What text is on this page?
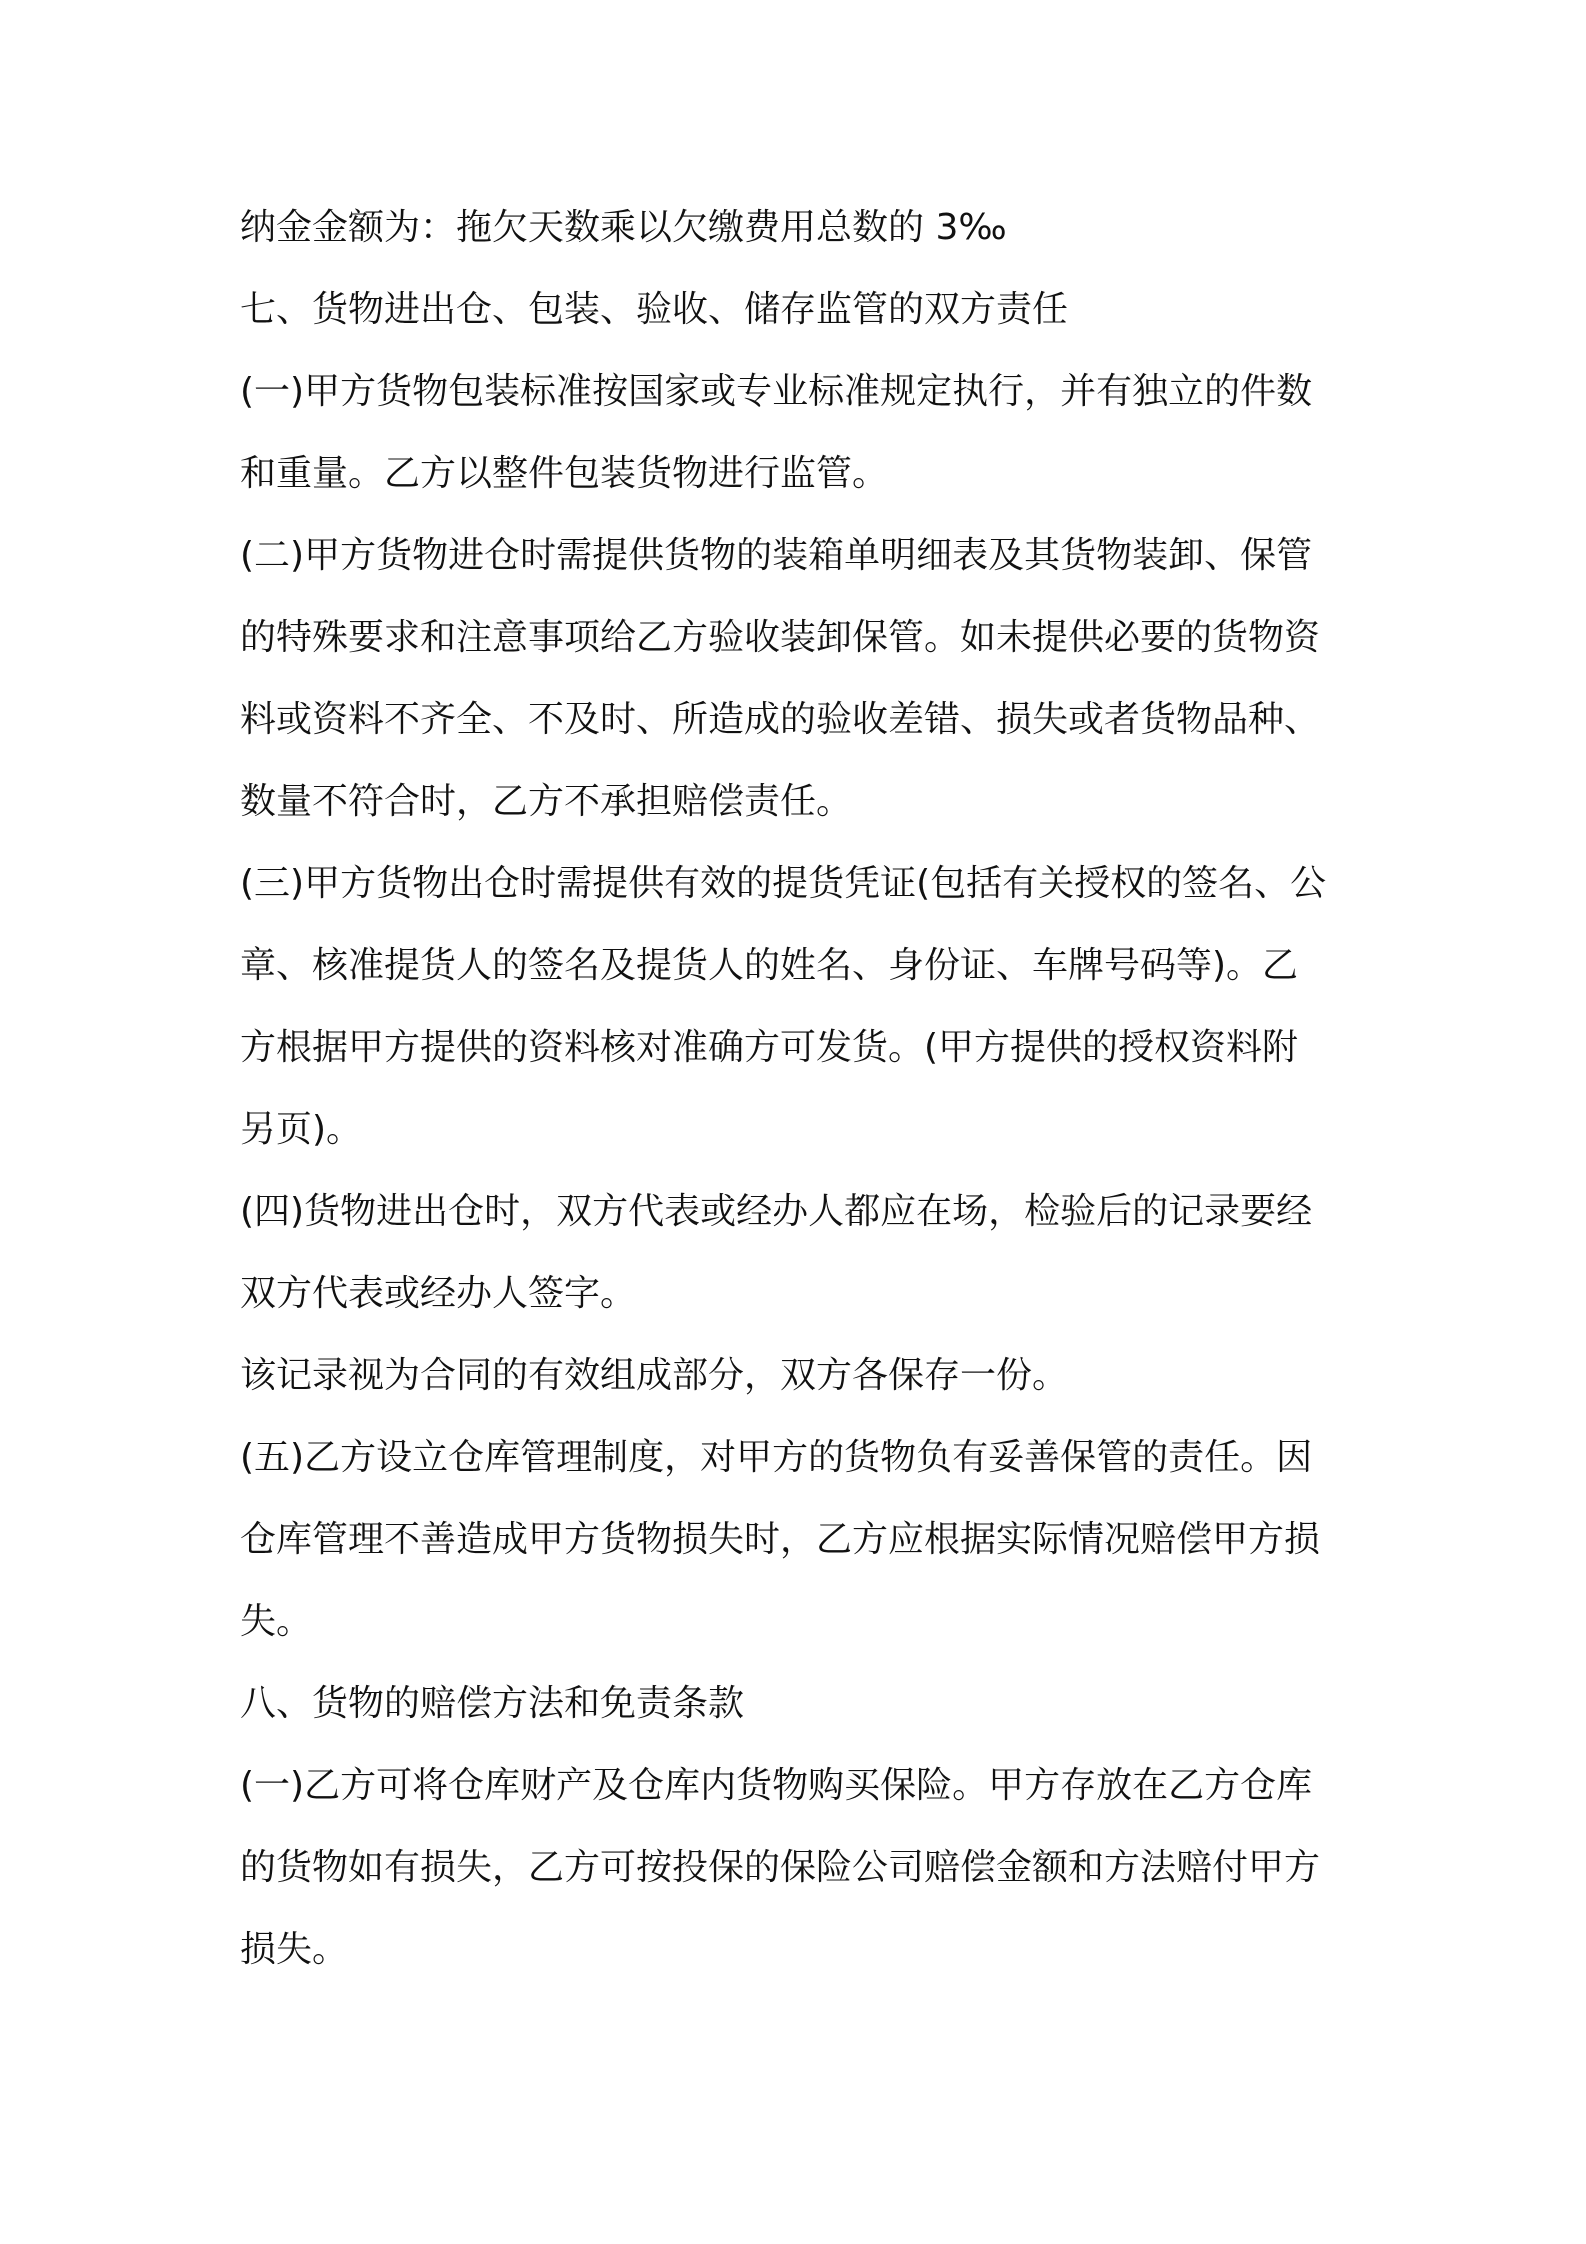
纳金金额为：拖欠天数乘以欠缴费用总数的 3‰
七、货物进出仓、包装、验收、储存监管的双方责任
(一)甲方货物包装标准按国家或专业标准规定执行，并有独立的件数
和重量。乙方以整件包装货物进行监管。
(二)甲方货物进仓时需提供货物的装箱单明细表及其货物装卸、保管
的特殊要求和注意事项给乙方验收装卸保管。如未提供必要的货物资
料或资料不齐全、不及时、所造成的验收差错、损失或者货物品种、
数量不符合时，乙方不承担赔偿责任。
(三)甲方货物出仓时需提供有效的提货凭证(包括有关授权的签名、公
章、核准提货人的签名及提货人的姓名、身份证、车牌号码等)。乙
方根据甲方提供的资料核对准确方可发货。(甲方提供的授权资料附
另页)。
(四)货物进出仓时，双方代表或经办人都应在场，检验后的记录要经
双方代表或经办人签字。
该记录视为合同的有效组成部分，双方各保存一份。
(五)乙方设立仓库管理制度，对甲方的货物负有妥善保管的责任。因
仓库管理不善造成甲方货物损失时，乙方应根据实际情况赔偿甲方损
失。
八、货物的赔偿方法和免责条款
(一)乙方可将仓库财产及仓库内货物购买保险。甲方存放在乙方仓库
的货物如有损失，乙方可按投保的保险公司赔偿金额和方法赔付甲方
损失。
